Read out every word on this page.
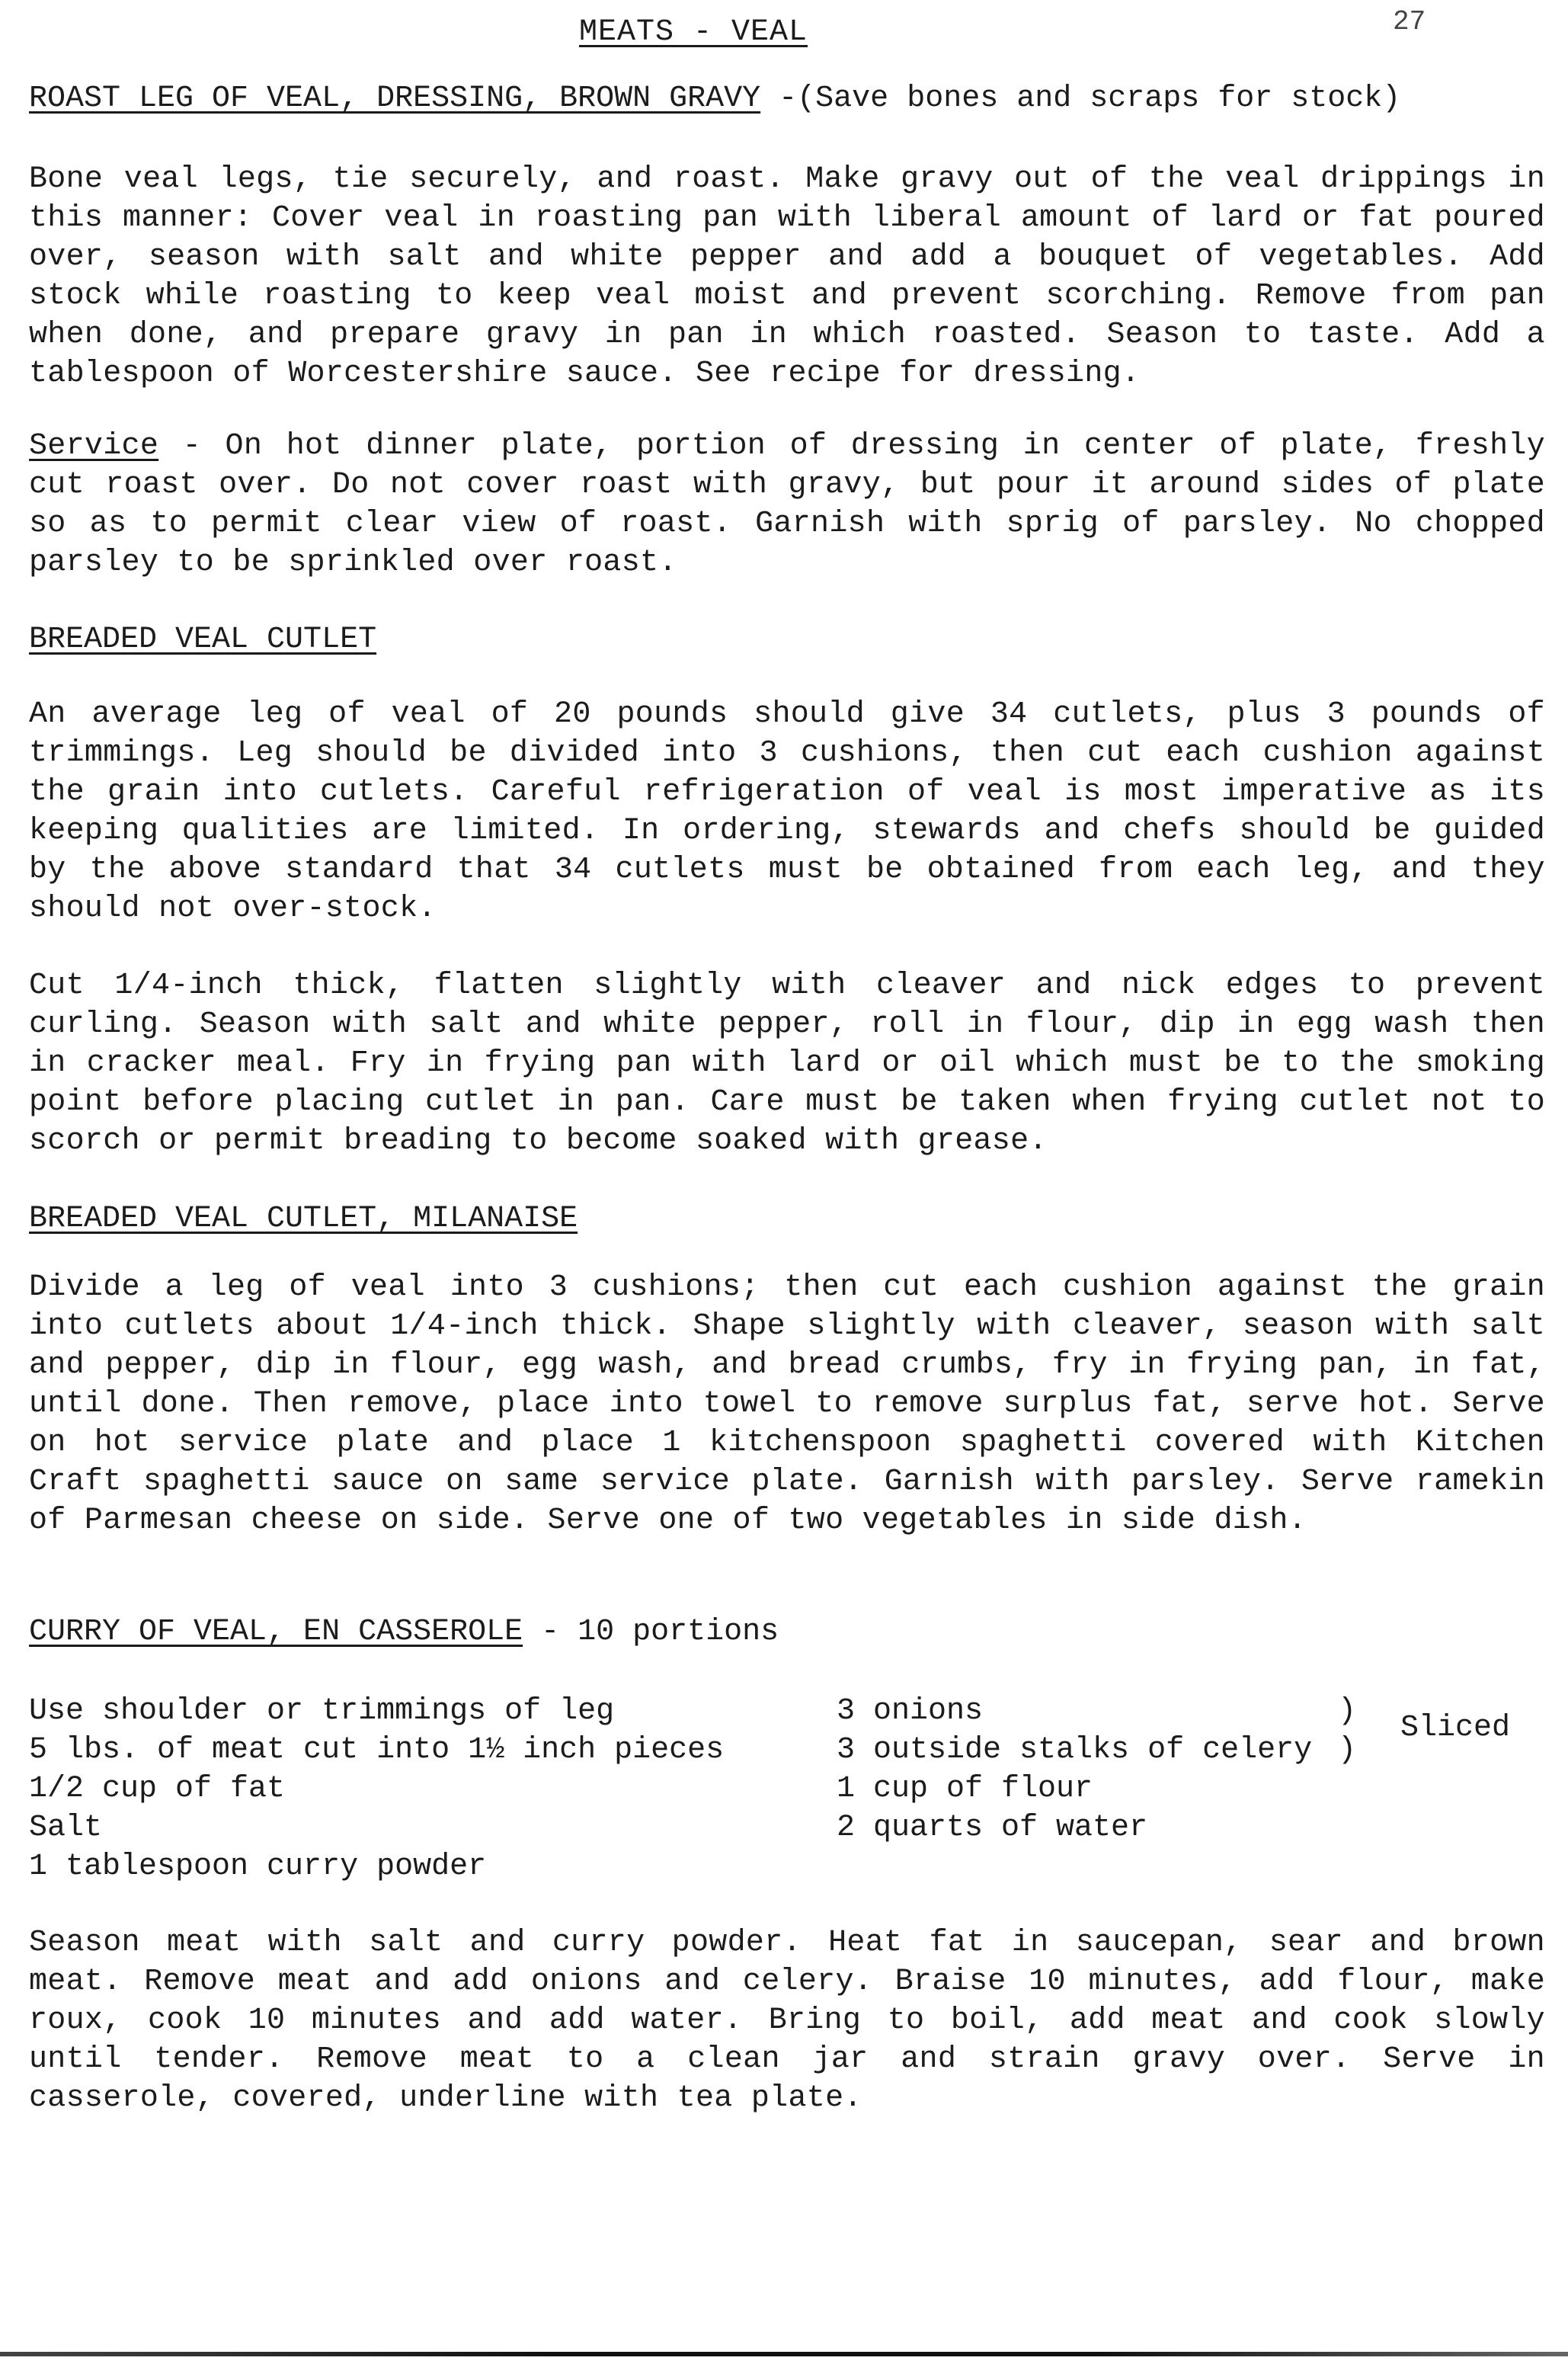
MEATS - VEAL	27
ROAST LEG OF VEAL, DRESSING, BROWN GRAVY -(Save bones and scraps for stock)
Bone veal legs, tie securely, and roast. Make gravy out of the veal drippings in this manner: Cover veal in roasting pan with liberal amount of lard or fat poured over, season with salt and white pepper and add a bouquet of vegetables. Add stock while roasting to keep veal moist and prevent scorching. Remove from pan when done, and prepare gravy in pan in which roasted. Season to taste. Add a tablespoon of Worcestershire sauce. See recipe for dressing.
Service - On hot dinner plate, portion of dressing in center of plate, freshly cut roast over. Do not cover roast with gravy, but pour it around sides of plate so as to permit clear view of roast. Garnish with sprig of parsley. No chopped parsley to be sprinkled over roast.
BREADED VEAL CUTLET
An average leg of veal of 20 pounds should give 34 cutlets, plus 3 pounds of trimmings. Leg should be divided into 3 cushions, then cut each cushion against the grain into cutlets. Careful refrigeration of veal is most imperative as its keeping qualities are limited. In ordering, stewards and chefs should be guided by the above standard that 34 cutlets must be obtained from each leg, and they should not over-stock.
Cut 1/4-inch thick, flatten slightly with cleaver and nick edges to prevent curling. Season with salt and white pepper, roll in flour, dip in egg wash then in cracker meal. Fry in frying pan with lard or oil which must be to the smoking point before placing cutlet in pan. Care must be taken when frying cutlet not to scorch or permit breading to become soaked with grease.
BREADED VEAL CUTLET, MILANAISE
Divide a leg of veal into 3 cushions; then cut each cushion against the grain into cutlets about 1/4-inch thick. Shape slightly with cleaver, season with salt and pepper, dip in flour, egg wash, and bread crumbs, fry in frying pan, in fat, until done. Then remove, place into towel to remove surplus fat, serve hot. Serve on hot service plate and place 1 kitchenspoon spaghetti covered with Kitchen Craft spaghetti sauce on same service plate. Garnish with parsley. Serve ramekin of Parmesan cheese on side. Serve one of two vegetables in side dish.
CURRY OF VEAL, EN CASSEROLE - 10 portions
Use shoulder or trimmings of leg
5 lbs. of meat cut into 1½ inch pieces
1/2 cup of fat
Salt
1 tablespoon curry powder
3 onions
3 outside stalks of celery
1 cup of flour
2 quarts of water
)
)
Sliced
Season meat with salt and curry powder. Heat fat in saucepan, sear and brown meat. Remove meat and add onions and celery. Braise 10 minutes, add flour, make roux, cook 10 minutes and add water. Bring to boil, add meat and cook slowly until tender. Remove meat to a clean jar and strain gravy over. Serve in casserole, covered, underline with tea plate.
